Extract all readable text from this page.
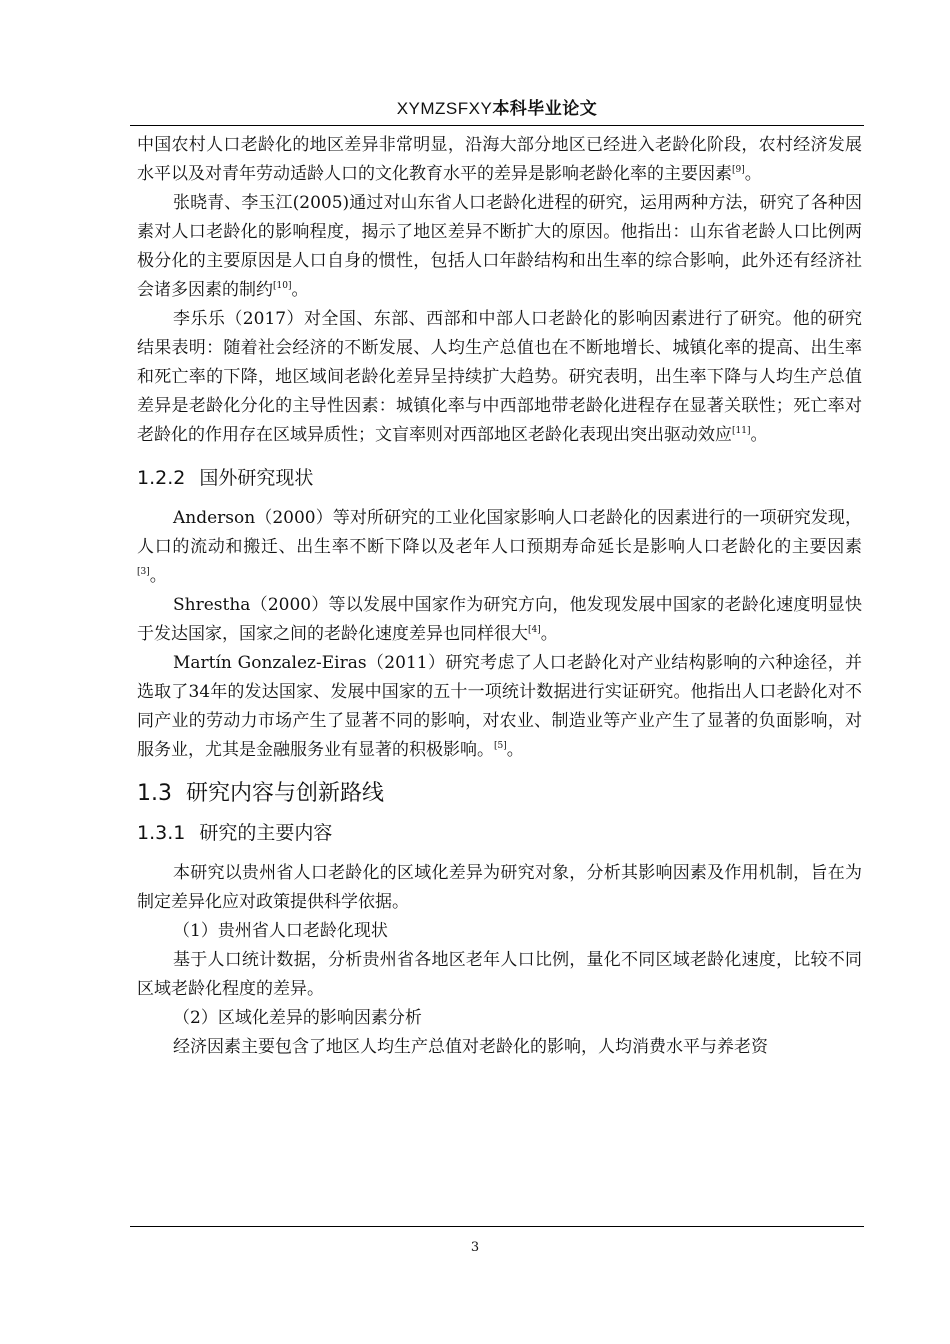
XYMZSFXY本科毕业论文

中国农村人口老龄化的地区差异非常明显，沿海大部分地区已经进入老龄化阶段，农村经济发展水平以及对青年劳动适龄人口的文化教育水平的差异是影响老龄化率的主要因素[9]。

张晓青、李玉江(2005)通过对山东省人口老龄化进程的研究，运用两种方法，研究了各种因素对人口老龄化的影响程度，揭示了地区差异不断扩大的原因。他指出：山东省老龄人口比例两极分化的主要原因是人口自身的惯性，包括人口年龄结构和出生率的综合影响，此外还有经济社会诸多因素的制约[10]。

李乐乐（2017）对全国、东部、西部和中部人口老龄化的影响因素进行了研究。他的研究结果表明：随着社会经济的不断发展、人均生产总值也在不断地增长、城镇化率的提高、出生率和死亡率的下降，地区域间老龄化差异呈持续扩大趋势。研究表明，出生率下降与人均生产总值差异是老龄化分化的主导性因素：城镇化率与中西部地带老龄化进程存在显著关联性；死亡率对老龄化的作用存在区域异质性；文盲率则对西部地区老龄化表现出突出驱动效应[11]。

1.2.2 国外研究现状

Anderson（2000）等对所研究的工业化国家影响人口老龄化的因素进行的一项研究发现，人口的流动和搬迁、出生率不断下降以及老年人口预期寿命延长是影响人口老龄化的主要因素[3]。

Shrestha（2000）等以发展中国家作为研究方向，他发现发展中国家的老龄化速度明显快于发达国家，国家之间的老龄化速度差异也同样很大[4]。

Martín Gonzalez-Eiras（2011）研究考虑了人口老龄化对产业结构影响的六种途径，并选取了34年的发达国家、发展中国家的五十一项统计数据进行实证研究。他指出人口老龄化对不同产业的劳动力市场产生了显著不同的影响，对农业、制造业等产业产生了显著的负面影响，对服务业，尤其是金融服务业有显著的积极影响。[5]。

1.3 研究内容与创新路线
1.3.1 研究的主要内容

本研究以贵州省人口老龄化的区域化差异为研究对象，分析其影响因素及作用机制，旨在为制定差异化应对政策提供科学依据。

（1）贵州省人口老龄化现状

基于人口统计数据，分析贵州省各地区老年人口比例，量化不同区域老龄化速度，比较不同区域老龄化程度的差异。

（2）区域化差异的影响因素分析

经济因素主要包含了地区人均生产总值对老龄化的影响，人均消费水平与养老资

3
